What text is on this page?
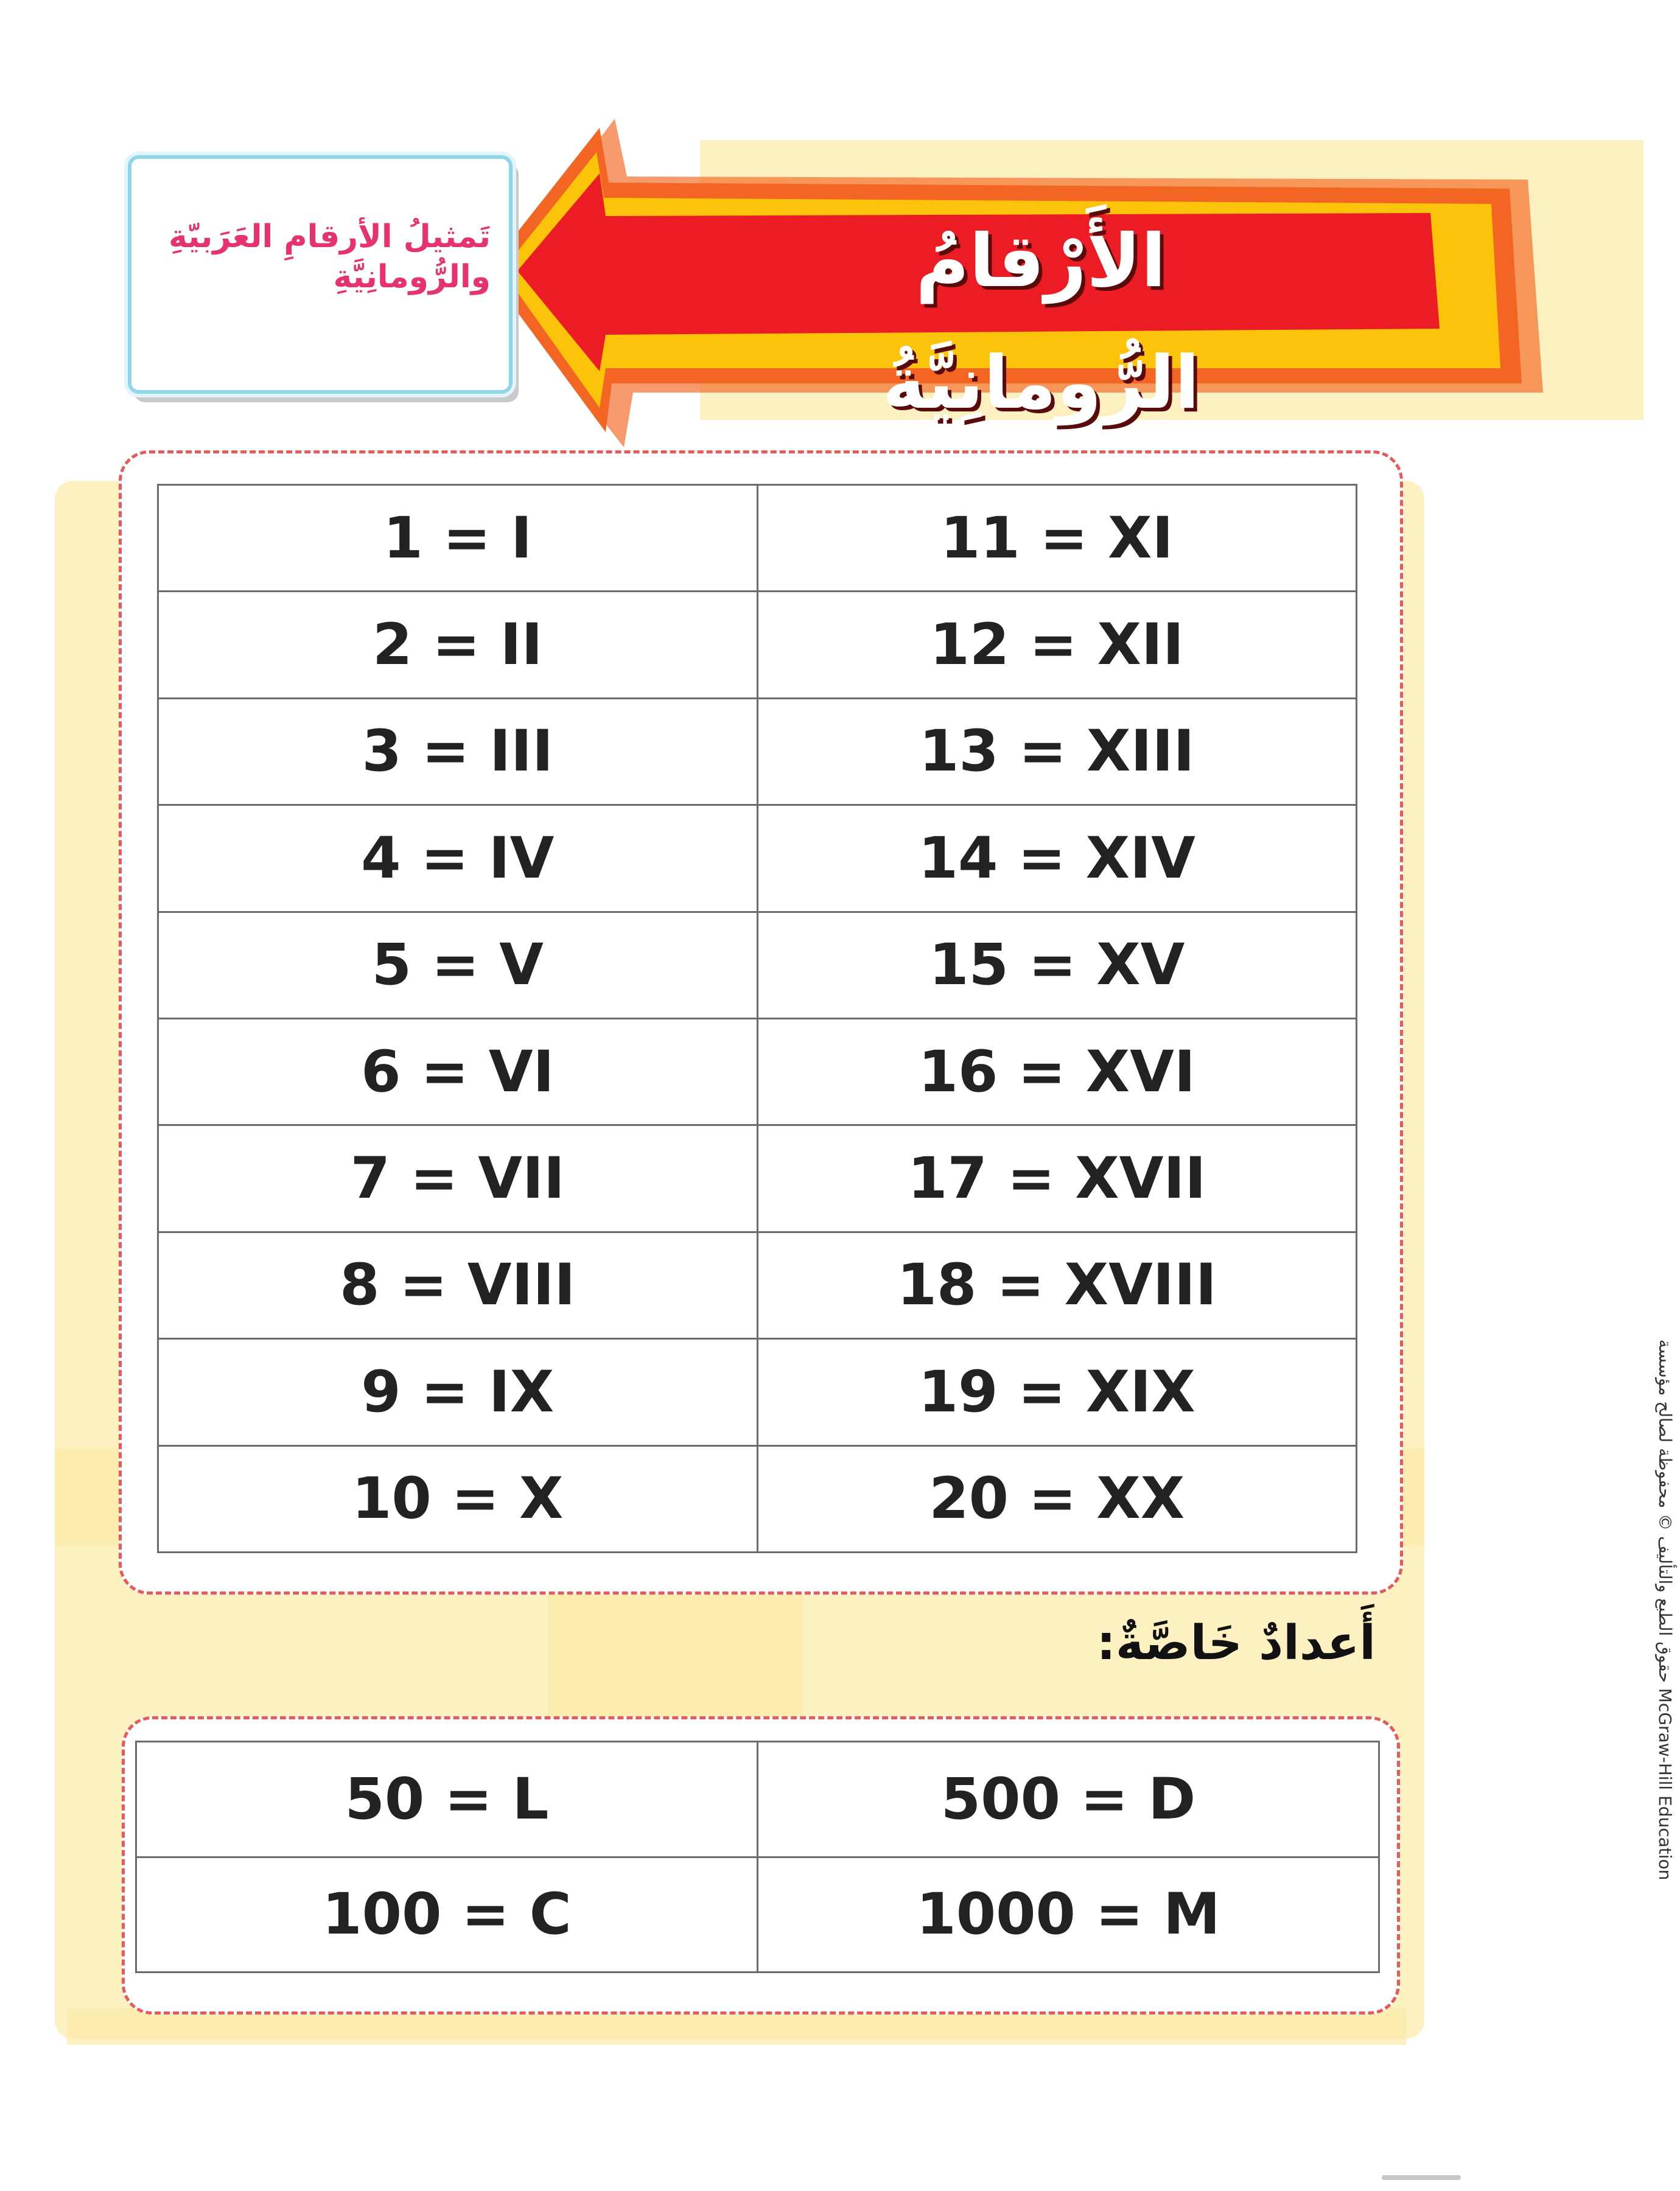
الأَرْقامُ الرُّومانِيَّةُ
تَمثيلُ الأرقامِ العَرَبيّةِ والرُّومانِيَّةِ
1 = I	11 = XI
2 = II	12 = XII
3 = III	13 = XIII
4 = IV	14 = XIV
5 = V	15 = XV
6 = VI	16 = XVI
7 = VII	17 = XVII
8 = VIII	18 = XVIII
9 = IX	19 = XIX
10 = X	20 = XX
أَعدادٌ خَاصَّةٌ:
50 = L	500 = D
100 = C	1000 = M
حقوق الطبع والتأليف © محفوظة لصالح مؤسسة McGraw-Hill Education
